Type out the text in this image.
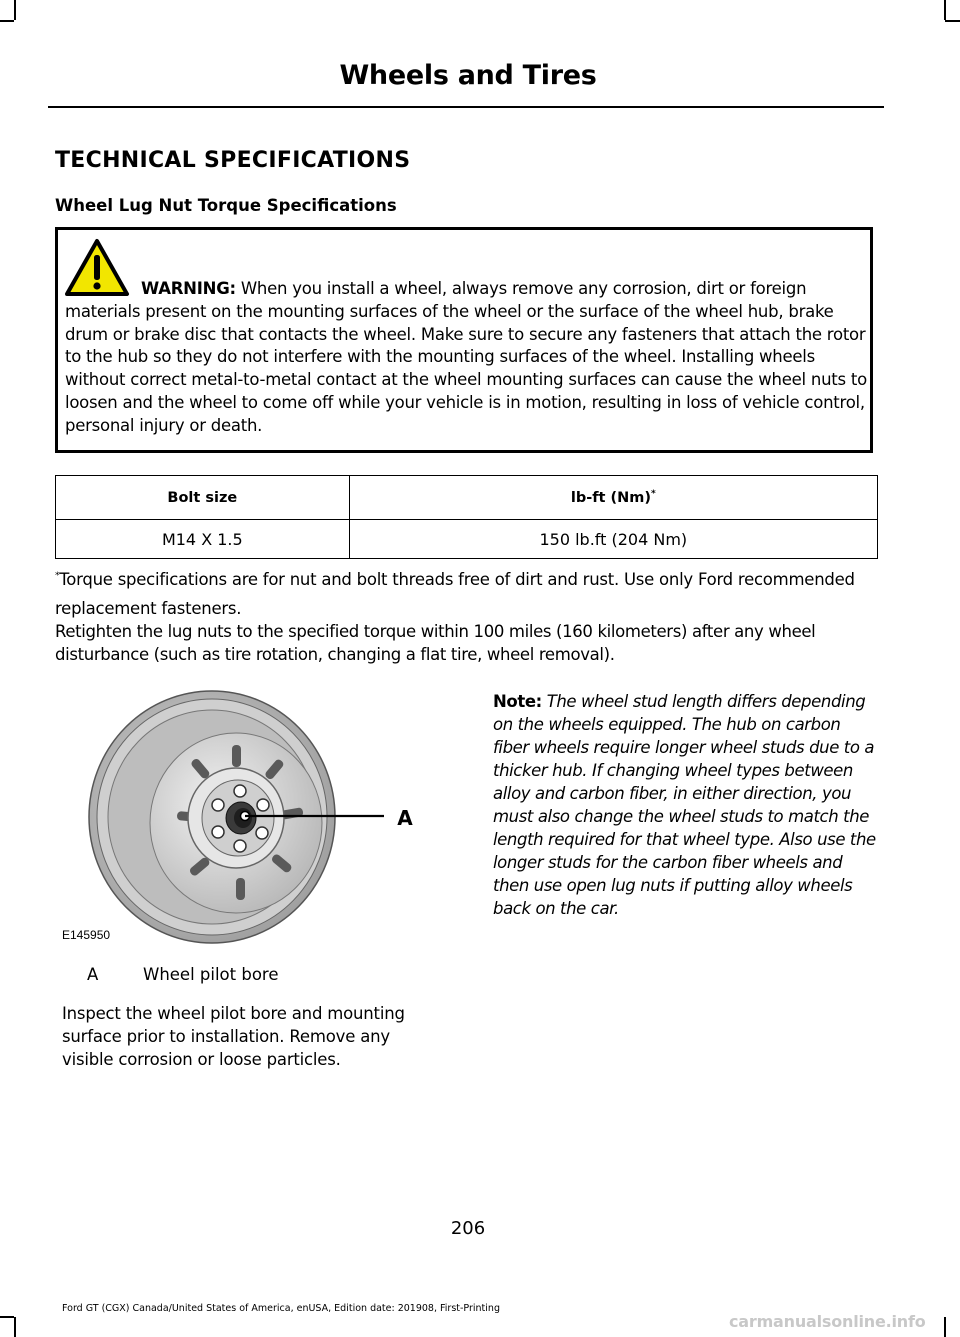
Wheels and Tires
TECHNICAL SPECIFICATIONS
Wheel Lug Nut Torque Specifications
WARNING: When you install a wheel, always remove any corrosion, dirt or foreign materials present on the mounting surfaces of the wheel or the surface of the wheel hub, brake drum or brake disc that contacts the wheel. Make sure to secure any fasteners that attach the rotor to the hub so they do not interfere with the mounting surfaces of the wheel. Installing wheels without correct metal-to-metal contact at the wheel mounting surfaces can cause the wheel nuts to loosen and the wheel to come off while your vehicle is in motion, resulting in loss of vehicle control, personal injury or death.
Bolt size	lb-ft (Nm)*
M14 X 1.5	150 lb.ft (204 Nm)
*Torque specifications are for nut and bolt threads free of dirt and rust. Use only Ford recommended replacement fasteners.
Retighten the lug nuts to the specified torque within 100 miles (160 kilometers) after any wheel disturbance (such as tire rotation, changing a flat tire, wheel removal).
A
E145950
A	Wheel pilot bore
Inspect the wheel pilot bore and mounting surface prior to installation. Remove any visible corrosion or loose particles.
Note: The wheel stud length differs depending on the wheels equipped. The hub on carbon fiber wheels require longer wheel studs due to a thicker hub. If changing wheel types between alloy and carbon fiber, in either direction, you must also change the wheel studs to match the length required for that wheel type. Also use the longer studs for the carbon fiber wheels and then use open lug nuts if putting alloy wheels back on the car.
206
Ford GT (CGX) Canada/United States of America, enUSA, Edition date: 201908, First-Printing
carmanualsonline.info
